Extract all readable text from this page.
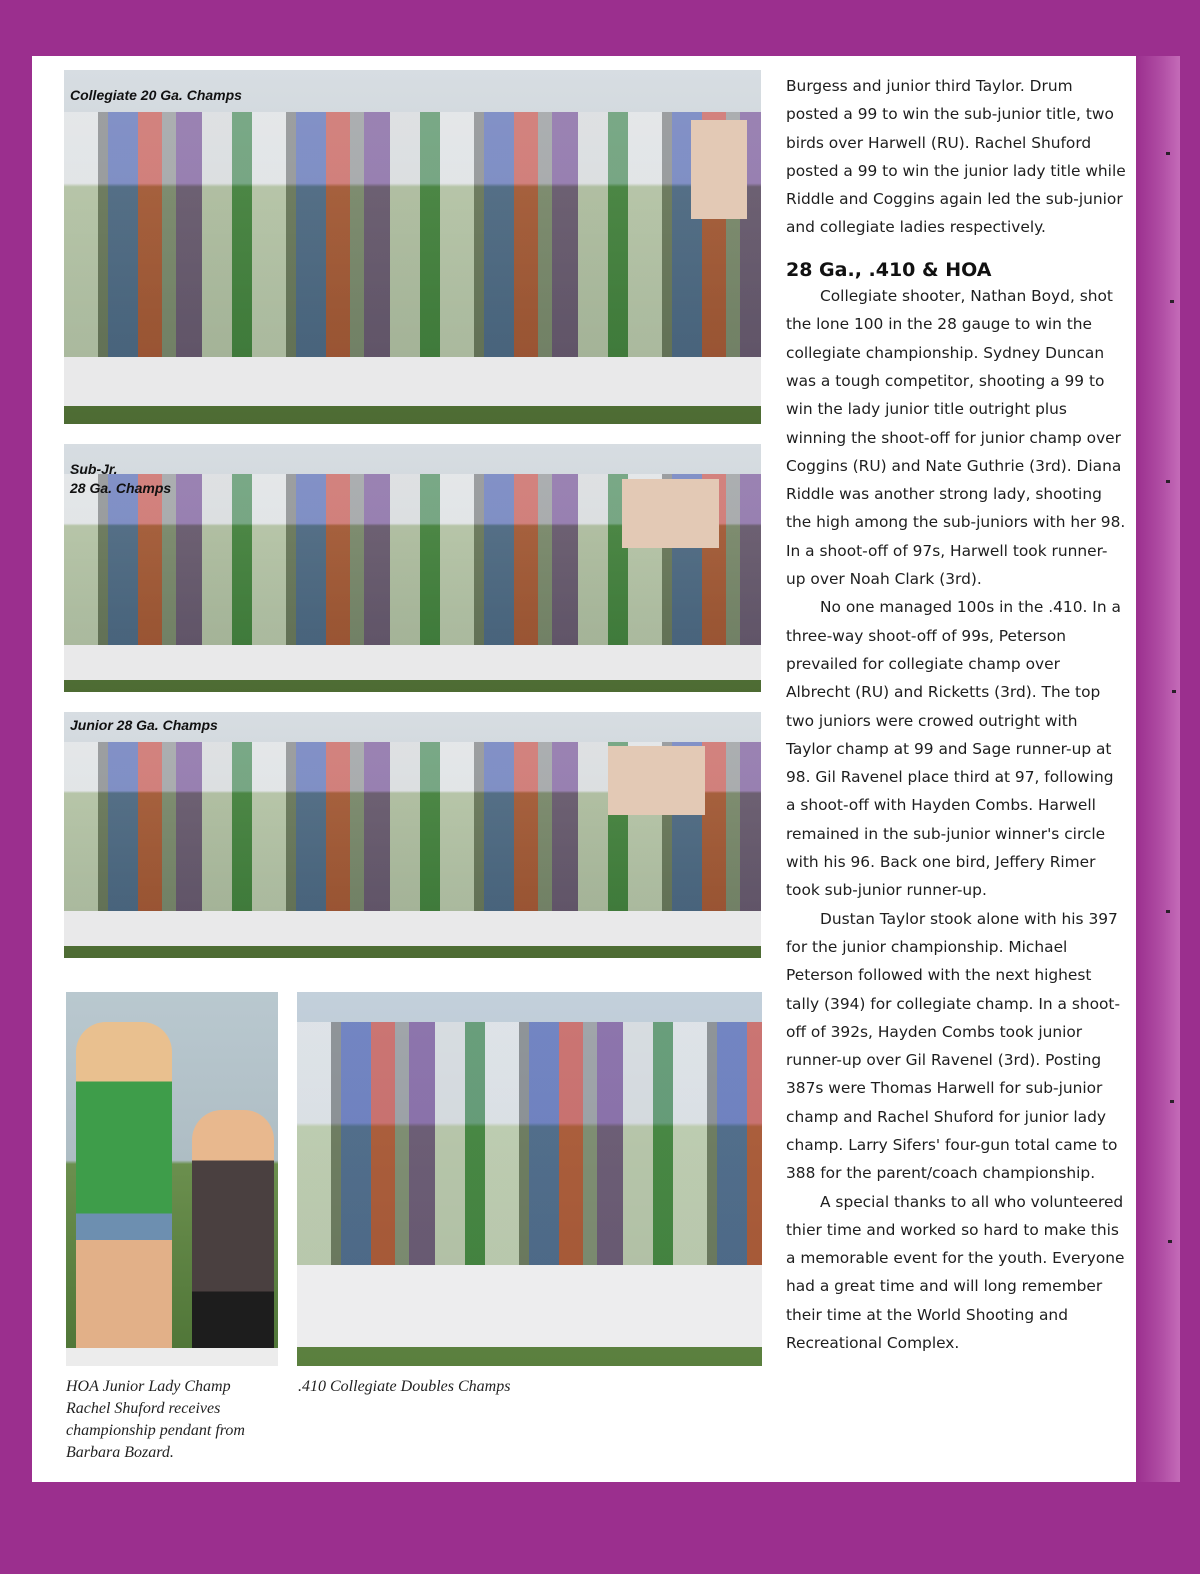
Collegiate 20 Ga. Champs
Sub-Jr.
28 Ga. Champs
Junior 28 Ga. Champs
HOA Junior Lady Champ
Rachel Shuford receives
championship pendant from
Barbara Bozard.
.410 Collegiate Doubles Champs

Burgess and junior third Taylor. Drum posted a 99 to win the sub-junior title, two birds over Harwell (RU). Rachel Shuford posted a 99 to win the junior lady title while Riddle and Coggins again led the sub-junior and collegiate ladies respectively.

28 Ga., .410 & HOA

Collegiate shooter, Nathan Boyd, shot the lone 100 in the 28 gauge to win the collegiate championship. Sydney Duncan was a tough competitor, shooting a 99 to win the lady junior title outright plus winning the shoot-off for junior champ over Coggins (RU) and Nate Guthrie (3rd). Diana Riddle was another strong lady, shooting the high among the sub-juniors with her 98. In a shoot-off of 97s, Harwell took runner-up over Noah Clark (3rd).

No one managed 100s in the .410. In a three-way shoot-off of 99s, Peterson prevailed for collegiate champ over Albrecht (RU) and Ricketts (3rd). The top two juniors were crowed outright with Taylor champ at 99 and Sage runner-up at 98. Gil Ravenel place third at 97, following a shoot-off with Hayden Combs. Harwell remained in the sub-junior winner's circle with his 96. Back one bird, Jeffery Rimer took sub-junior runner-up.

Dustan Taylor stook alone with his 397 for the junior championship. Michael Peterson followed with the next highest tally (394) for collegiate champ. In a shoot-off of 392s, Hayden Combs took junior runner-up over Gil Ravenel (3rd). Posting 387s were Thomas Harwell for sub-junior champ and Rachel Shuford for junior lady champ. Larry Sifers' four-gun total came to 388 for the parent/coach championship.

A special thanks to all who volunteered thier time and worked so hard to make this a memorable event for the youth. Everyone had a great time and will long remember their time at the World Shooting and Recreational Complex.
